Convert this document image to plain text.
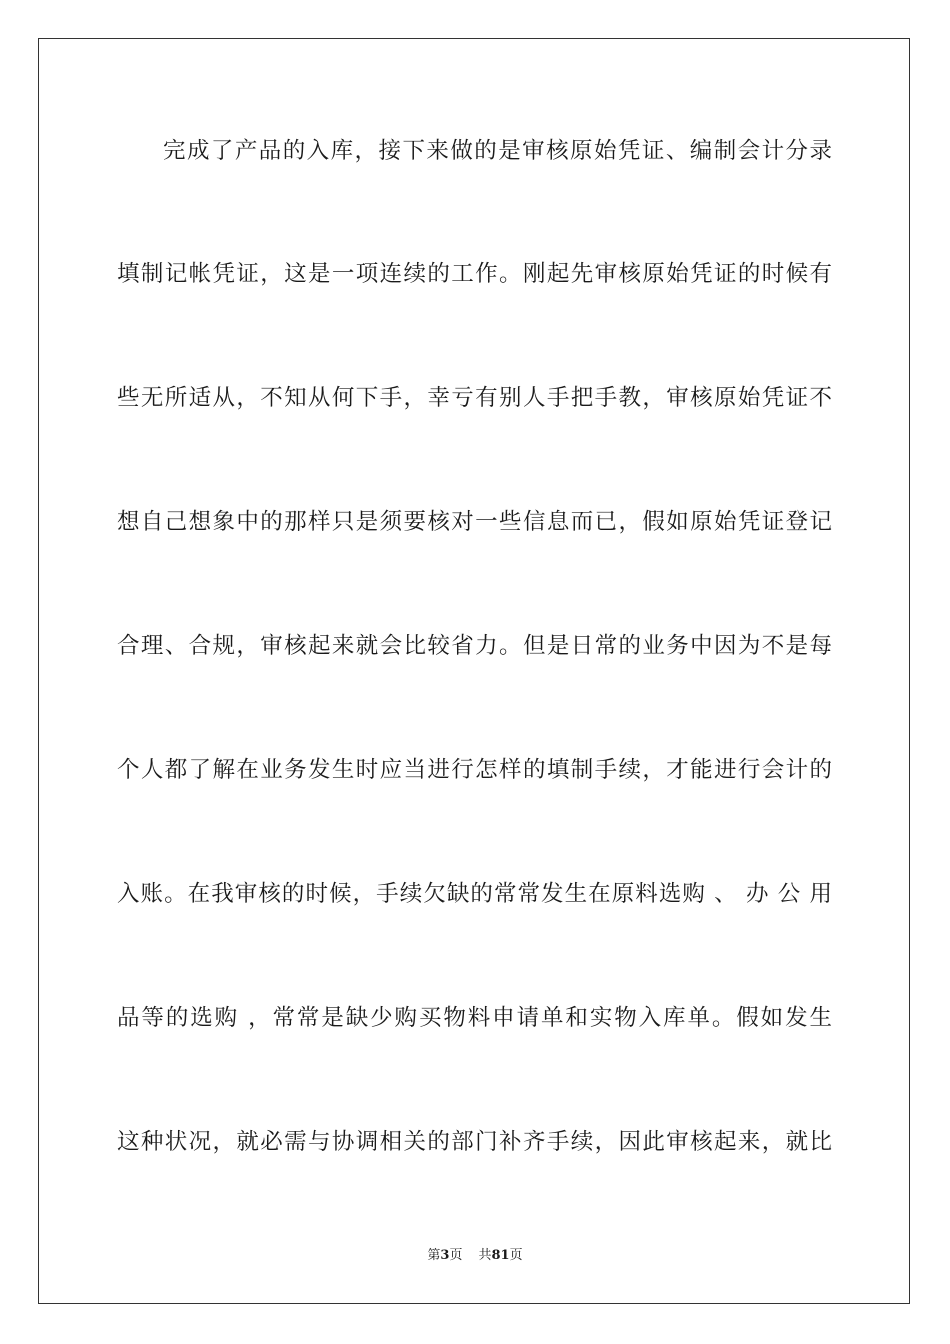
完成了产品的入库，接下来做的是审核原始凭证、编制会计分录
填制记帐凭证，这是一项连续的工作。刚起先审核原始凭证的时候有
些无所适从，不知从何下手，幸亏有别人手把手教，审核原始凭证不
想自己想象中的那样只是须要核对一些信息而已，假如原始凭证登记
合理、合规，审核起来就会比较省力。但是日常的业务中因为不是每
个人都了解在业务发生时应当进行怎样的填制手续，才能进行会计的
入账。在我审核的时候，手续欠缺的常常发生在原料选购 、 办 公 用
品等的选购 ，常常是缺少购买物料申请单和实物入库单。假如发生
这种状况，就必需与协调相关的部门补齐手续，因此审核起来，就比
第3页 共81页
